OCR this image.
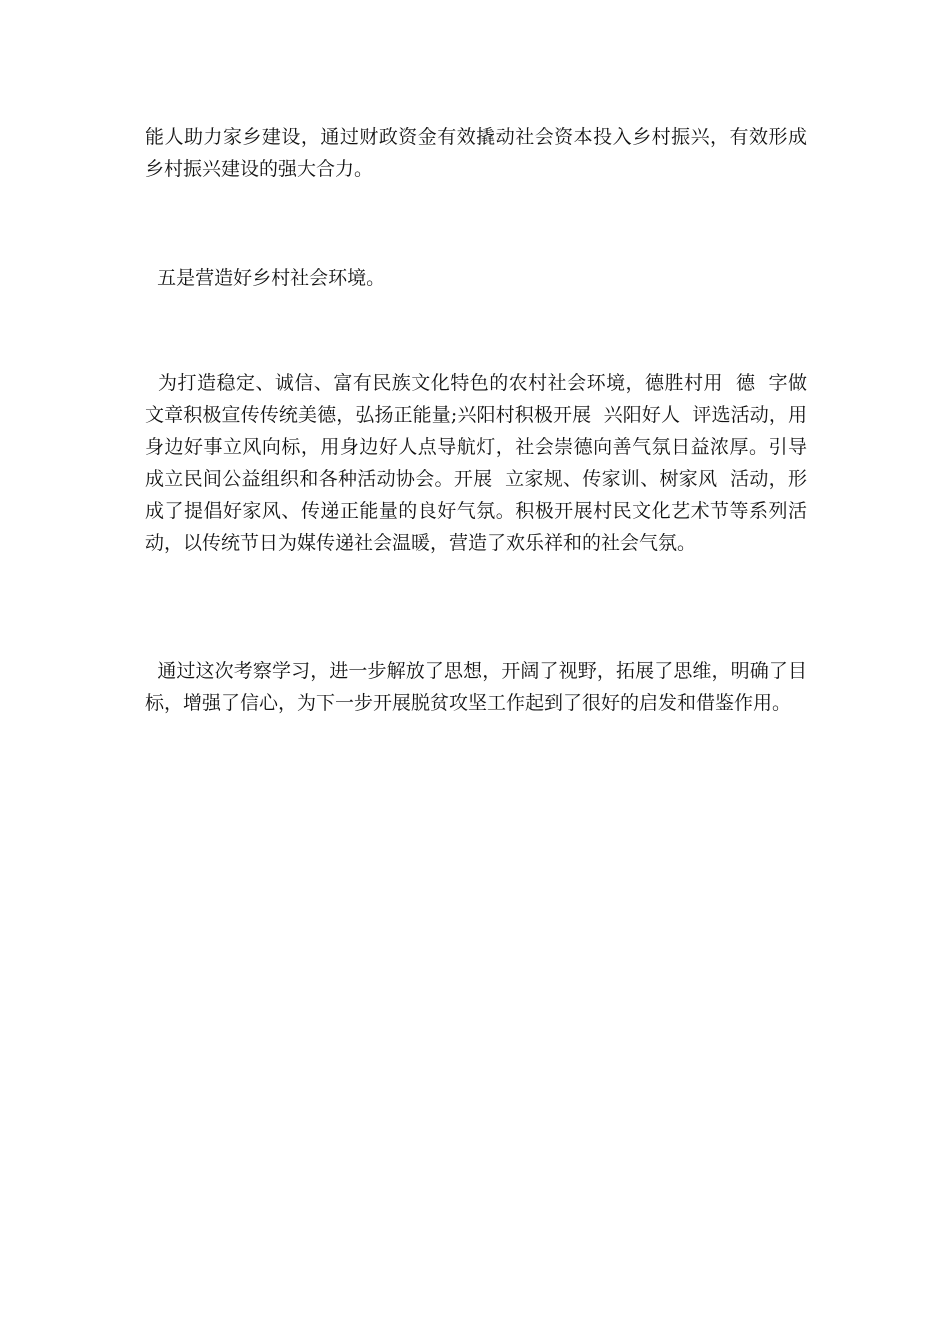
能人助力家乡建设，通过财政资金有效撬动社会资本投入乡村振兴，有效形成乡村振兴建设的强大合力。

五是营造好乡村社会环境。

为打造稳定、诚信、富有民族文化特色的农村社会环境，德胜村用  德  字做文章积极宣传传统美德，弘扬正能量;兴阳村积极开展  兴阳好人  评选活动，用身边好事立风向标，用身边好人点导航灯，社会崇德向善气氛日益浓厚。引导成立民间公益组织和各种活动协会。开展  立家规、传家训、树家风  活动，形成了提倡好家风、传递正能量的良好气氛。积极开展村民文化艺术节等系列活动，以传统节日为媒传递社会温暖，营造了欢乐祥和的社会气氛。

通过这次考察学习，进一步解放了思想，开阔了视野，拓展了思维，明确了目标，增强了信心，为下一步开展脱贫攻坚工作起到了很好的启发和借鉴作用。
